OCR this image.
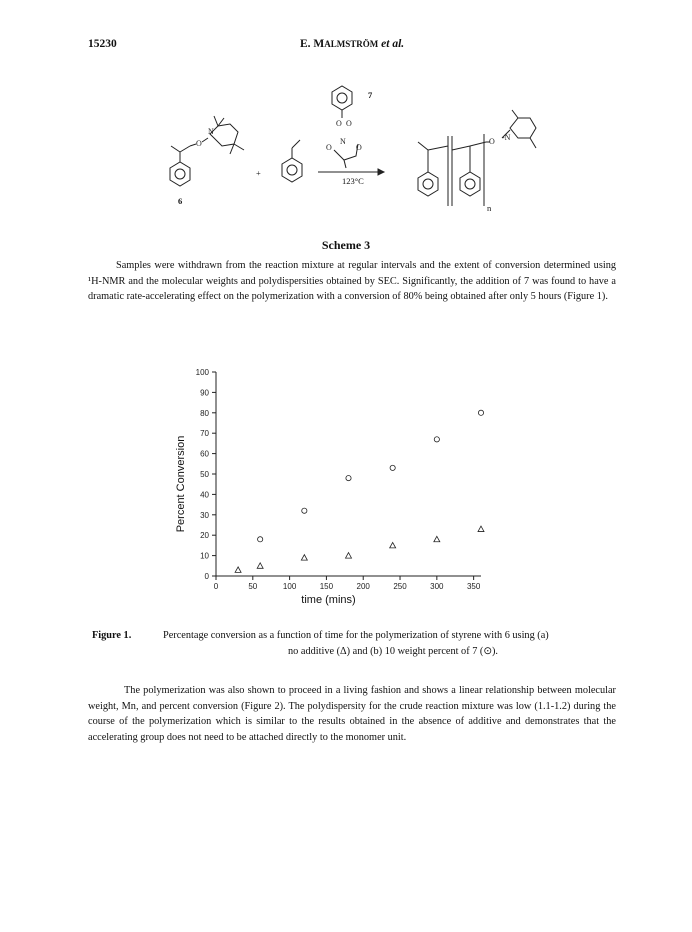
15230	E. MALMSTRÖM et al.
O
N
O O
O
N
O
O -N
7
6
+
123°C
n
Scheme 3
Samples were withdrawn from the reaction mixture at regular intervals and the extent of conversion determined using ¹H-NMR and the molecular weights and polydispersities obtained by SEC. Significantly, the addition of 7 was found to have a dramatic rate-accelerating effect on the polymerization with a conversion of 80% being obtained after only 5 hours (Figure 1).
0
10
20
30
40
50
60
70
80
90
100
0	50	100	150	200	250	300	350
time (mins)
Percent Conversion
Figure 1.	Percentage conversion as a function of time for the polymerization of styrene with 6 using (a)
no additive (Δ) and (b) 10 weight percent of 7 (⊙).
The polymerization was also shown to proceed in a living fashion and shows a linear relationship between molecular weight, Mn, and percent conversion (Figure 2). The polydispersity for the crude reaction mixture was low (1.1-1.2) during the course of the polymerization which is similar to the results obtained in the absence of additive and demonstrates that the accelerating group does not need to be attached directly to the monomer unit.
